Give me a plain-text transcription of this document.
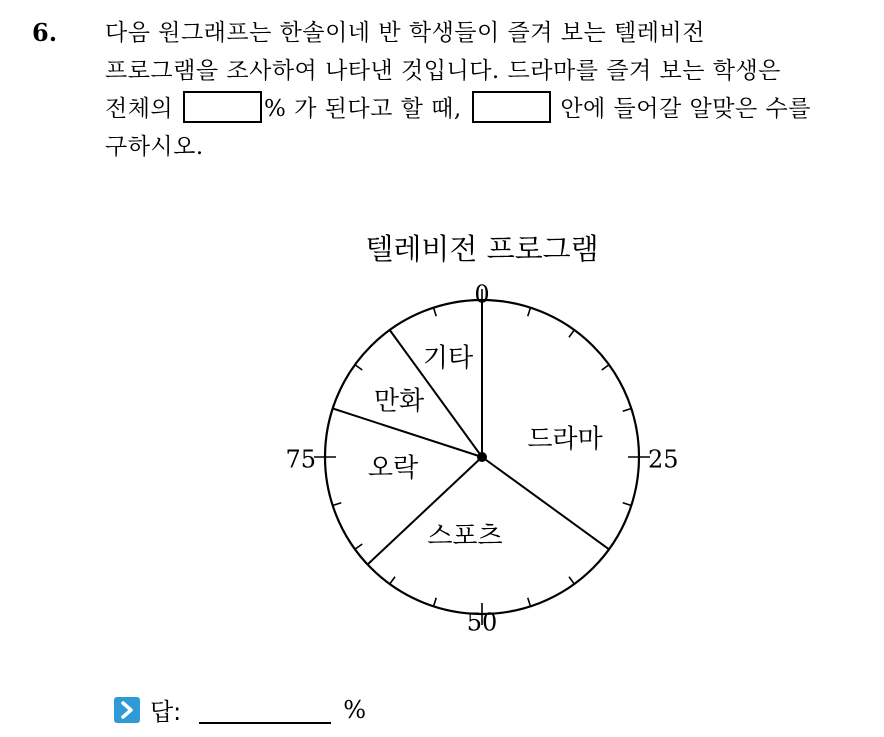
6. 다음 원그래프는 한솔이네 반 학생들이 즐겨 보는 텔레비전
프로그램을 조사하여 나타낸 것입니다. 드라마를 즐겨 보는 학생은
전체의	% 가 된다고 할 때,	안에 들어갈 알맞은 수를
구하시오.
텔레비전 프로그램
드라마
스포츠
오락
만화
기타
0
25
50
75
답:	%
